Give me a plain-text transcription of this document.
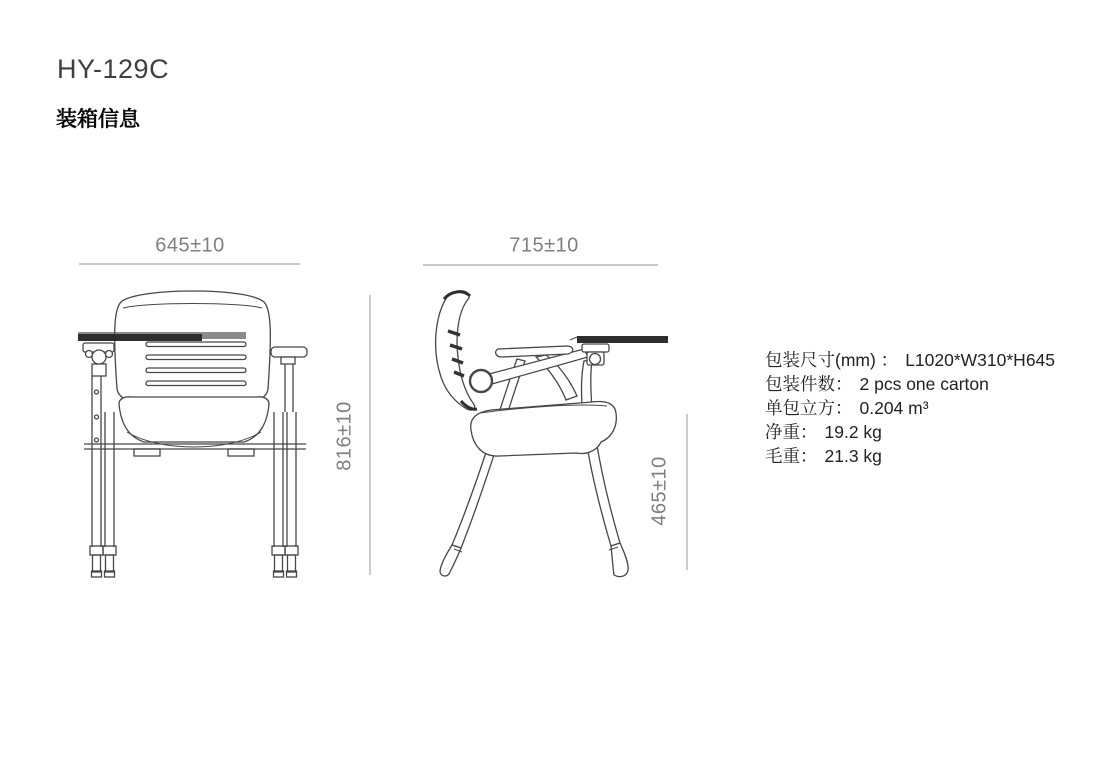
HY-129C
装箱信息
645±10	715±10
816±10
465±10
包装尺寸(mm) ： L1020*W310*H645
包装件数： 2 pcs one carton
单包立方： 0.204 m³
净重： 19.2 kg
毛重： 21.3 kg
